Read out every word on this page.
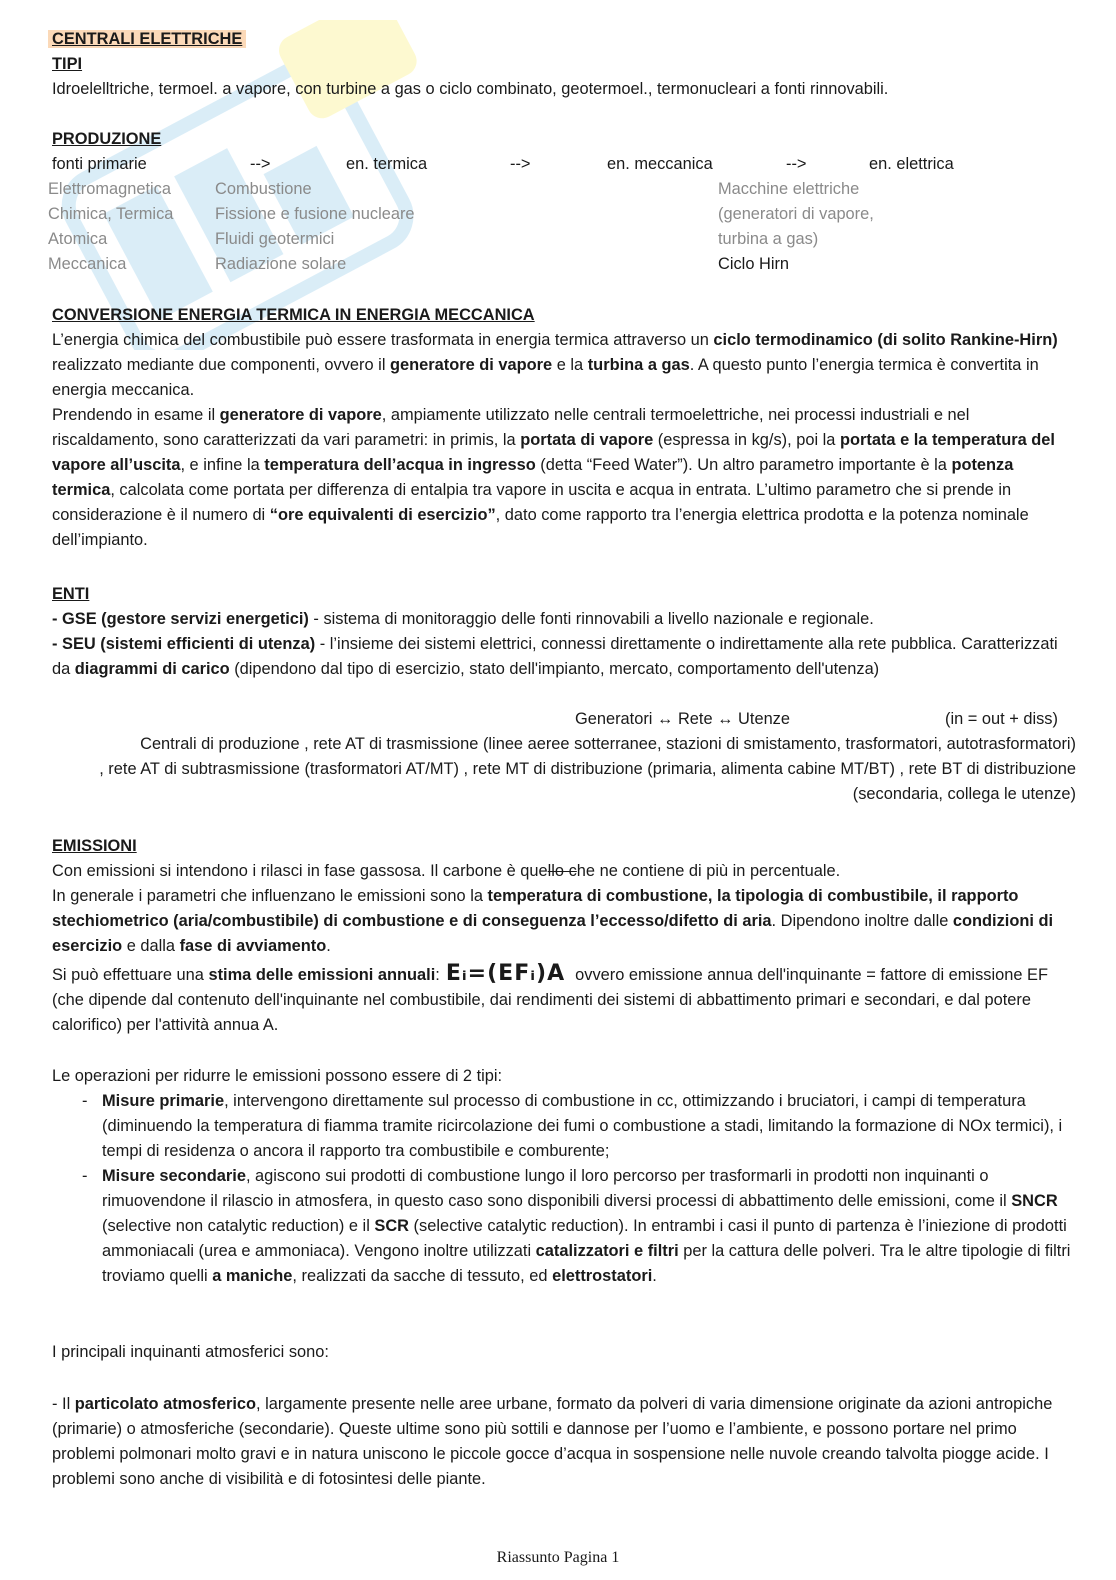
CENTRALI ELETTRICHE
TIPI
Idroelelltriche, termoel. a vapore, con turbine a gas o ciclo combinato, geotermoel., termonucleari a fonti rinnovabili.
PRODUZIONE
fonti primarie	-->	en. termica	-->	en. meccanica	-->	en. elettrica
Elettromagnetica	Combustione	Macchine elettriche
Chimica, Termica	Fissione e fusione nucleare	(generatori di vapore,
Atomica	Fluidi geotermici	turbina a gas)
Meccanica	Radiazione solare	Ciclo Hirn
CONVERSIONE ENERGIA TERMICA IN ENERGIA MECCANICA
L’energia chimica del combustibile può essere trasformata in energia termica attraverso un ciclo termodinamico (di solito Rankine-Hirn) realizzato mediante due componenti, ovvero il generatore di vapore e la turbina a gas. A questo punto l’energia termica è convertita in energia meccanica.
Prendendo in esame il generatore di vapore, ampiamente utilizzato nelle centrali termoelettriche, nei processi industriali e nel riscaldamento, sono caratterizzati da vari parametri: in primis, la portata di vapore (espressa in kg/s), poi la portata e la temperatura del vapore all’uscita, e infine la temperatura dell’acqua in ingresso (detta “Feed Water”). Un altro parametro importante è la potenza termica, calcolata come portata per differenza di entalpia tra vapore in uscita e acqua in entrata. L’ultimo parametro che si prende in considerazione è il numero di “ore equivalenti di esercizio”, dato come rapporto tra l’energia elettrica prodotta e la potenza nominale dell’impianto.
ENTI
- GSE (gestore servizi energetici) - sistema di monitoraggio delle fonti rinnovabili a livello nazionale e regionale.
- SEU (sistemi efficienti di utenza) - l’insieme dei sistemi elettrici, connessi direttamente o indirettamente alla rete pubblica. Caratterizzati da diagrammi di carico (dipendono dal tipo di esercizio, stato dell'impianto, mercato, comportamento dell'utenza)
Generatori ↔ Rete ↔ Utenze	(in = out + diss)
Centrali di produzione , rete AT di trasmissione (linee aeree sotterranee, stazioni di smistamento, trasformatori, autotrasformatori) , rete AT di subtrasmissione (trasformatori AT/MT) , rete MT di distribuzione (primaria, alimenta cabine MT/BT) , rete BT di distribuzione (secondaria, collega le utenze)
EMISSIONI
Con emissioni si intendono i rilasci in fase gassosa. Il carbone è quello che ne contiene di più in percentuale.
In generale i parametri che influenzano le emissioni sono la temperatura di combustione, la tipologia di combustibile, il rapporto stechiometrico (aria/combustibile) di combustione e di conseguenza l’eccesso/difetto di aria. Dipendono inoltre dalle condizioni di esercizio e dalla fase di avviamento.
Si può effettuare una stima delle emissioni annuali: Eᵢ=(EFᵢ)A ovvero emissione annua dell'inquinante = fattore di emissione EF (che dipende dal contenuto dell'inquinante nel combustibile, dai rendimenti dei sistemi di abbattimento primari e secondari, e dal potere calorifico) per l'attività annua A.
Le operazioni per ridurre le emissioni possono essere di 2 tipi:
- Misure primarie, intervengono direttamente sul processo di combustione in cc, ottimizzando i bruciatori, i campi di temperatura (diminuendo la temperatura di fiamma tramite ricircolazione dei fumi o combustione a stadi, limitando la formazione di NOx termici), i tempi di residenza o ancora il rapporto tra combustibile e comburente;
- Misure secondarie, agiscono sui prodotti di combustione lungo il loro percorso per trasformarli in prodotti non inquinanti o rimuovendone il rilascio in atmosfera, in questo caso sono disponibili diversi processi di abbattimento delle emissioni, come il SNCR (selective non catalytic reduction) e il SCR (selective catalytic reduction). In entrambi i casi il punto di partenza è l’iniezione di prodotti ammoniacali (urea e ammoniaca). Vengono inoltre utilizzati catalizzatori e filtri per la cattura delle polveri. Tra le altre tipologie di filtri troviamo quelli a maniche, realizzati da sacche di tessuto, ed elettrostatori.
I principali inquinanti atmosferici sono:
- Il particolato atmosferico, largamente presente nelle aree urbane, formato da polveri di varia dimensione originate da azioni antropiche (primarie) o atmosferiche (secondarie). Queste ultime sono più sottili e dannose per l’uomo e l’ambiente, e possono portare nel primo problemi polmonari molto gravi e in natura uniscono le piccole gocce d’acqua in sospensione nelle nuvole creando talvolta piogge acide. I problemi sono anche di visibilità e di fotosintesi delle piante.
Riassunto Pagina 1
